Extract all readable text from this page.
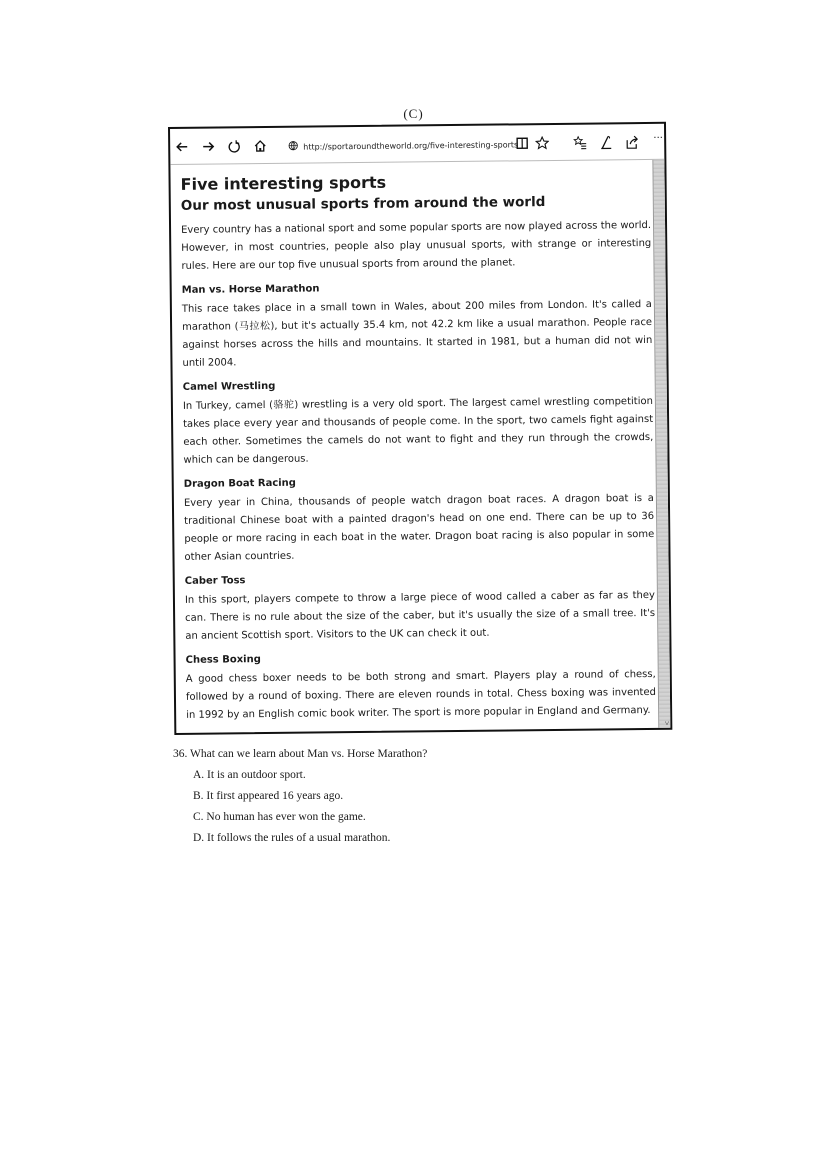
(C)
http://sportaroundtheworld.org/five-interesting-sports
···
Five interesting sports
Our most unusual sports from around the world

Every country has a national sport and some popular sports are now played across the world. However, in most countries, people also play unusual sports, with strange or interesting rules. Here are our top five unusual sports from around the planet.

Man vs. Horse Marathon

This race takes place in a small town in Wales, about 200 miles from London. It's called a marathon (马拉松), but it's actually 35.4 km, not 42.2 km like a usual marathon. People race against horses across the hills and mountains. It started in 1981, but a human did not win until 2004.

Camel Wrestling

In Turkey, camel (骆驼) wrestling is a very old sport. The largest camel wrestling competition takes place every year and thousands of people come. In the sport, two camels fight against each other. Sometimes the camels do not want to fight and they run through the crowds, which can be dangerous.

Dragon Boat Racing

Every year in China, thousands of people watch dragon boat races. A dragon boat is a traditional Chinese boat with a painted dragon's head on one end. There can be up to 36 people or more racing in each boat in the water. Dragon boat racing is also popular in some other Asian countries.

Caber Toss

In this sport, players compete to throw a large piece of wood called a caber as far as they can. There is no rule about the size of the caber, but it's usually the size of a small tree. It's an ancient Scottish sport. Visitors to the UK can check it out.

Chess Boxing

A good chess boxer needs to be both strong and smart. Players play a round of chess, followed by a round of boxing. There are eleven rounds in total. Chess boxing was invented in 1992 by an English comic book writer. The sport is more popular in England and Germany.

˅
36. What can we learn about Man vs. Horse Marathon?
A. It is an outdoor sport.
B. It first appeared 16 years ago.
C. No human has ever won the game.
D. It follows the rules of a usual marathon.
